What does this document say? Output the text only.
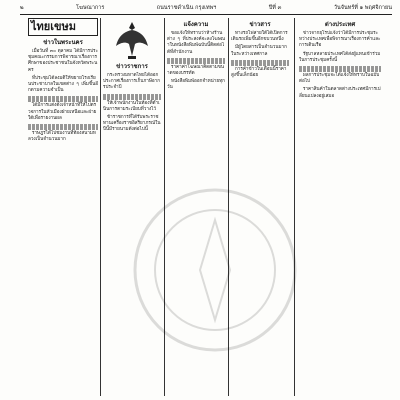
๒	โฆษณาการ	ถนนราชดำเนิน กรุงเทพฯ	ปีที่ ๓	วันจันทร์ที่ ๑ พฤศจิกายน
ไทยเขษม
ข่าวในพระนคร

เมื่อวันที่ ๓๐ ตุลาคม ได้มีการประชุมคณะกรรมการพิจารณาเรื่องการศึกษาของประชาชนในจังหวัดพระนคร

ที่ประชุมได้ลงมติให้ขยายโรงเรียนประชาบาลในเขตต่าง ๆ เพิ่มขึ้นอีกตามความจำเป็น

ได้มีการแต่งตั้งเจ้าหน้าที่ให้ไปตรวจการในหัวเมืองฝ่ายเหนือและฝ่ายใต้เพื่อรายงานผล

ราษฎรได้ไปชมงานที่ท้องสนามหลวงเป็นจำนวนมาก

ข่าวราชการ

กระทรวงมหาดไทยได้ออกประกาศเรื่องการเก็บภาษีอากรประจำปี

ให้เจ้าพนักงานในท้องที่ดำเนินการตามระเบียบที่วางไว้

ข้าราชการที่ได้รับพระราชทานเครื่องราชอิสริยาภรณ์ในปีนี้มีรายนามดังต่อไปนี้

แจ้งความ

ขอแจ้งให้ทราบว่าห้างร้านต่าง ๆ ที่ประสงค์จะลงโฆษณาในหนังสือพิมพ์ฉบับนี้ติดต่อได้ที่สำนักงาน

ราคาค่าโฆษณาคิดตามขนาดของบรรทัด

หนังสือพิมพ์ออกจำหน่ายทุกวัน

ข่าวสาร

ทางรถไฟสายใต้ได้เปิดการเดินรถเพิ่มขึ้นอีกขบวนหนึ่ง

มีผู้โดยสารเป็นจำนวนมากในระหว่างเทศกาล

การค้าข้าวในเดือนนี้ราคาสูงขึ้นเล็กน้อย

ต่างประเทศ

ข่าวจากยุโรปแจ้งว่าได้มีการประชุมระหว่างประเทศเพื่อพิจารณาเรื่องการค้าและการเดินเรือ

รัฐบาลหลายประเทศได้ส่งผู้แทนเข้าร่วมในการประชุมครั้งนี้

ผลการประชุมจะได้แจ้งให้ทราบในฉบับต่อไป

ราคาสินค้าในตลาดต่างประเทศมีการเปลี่ยนแปลงอยู่เสมอ
